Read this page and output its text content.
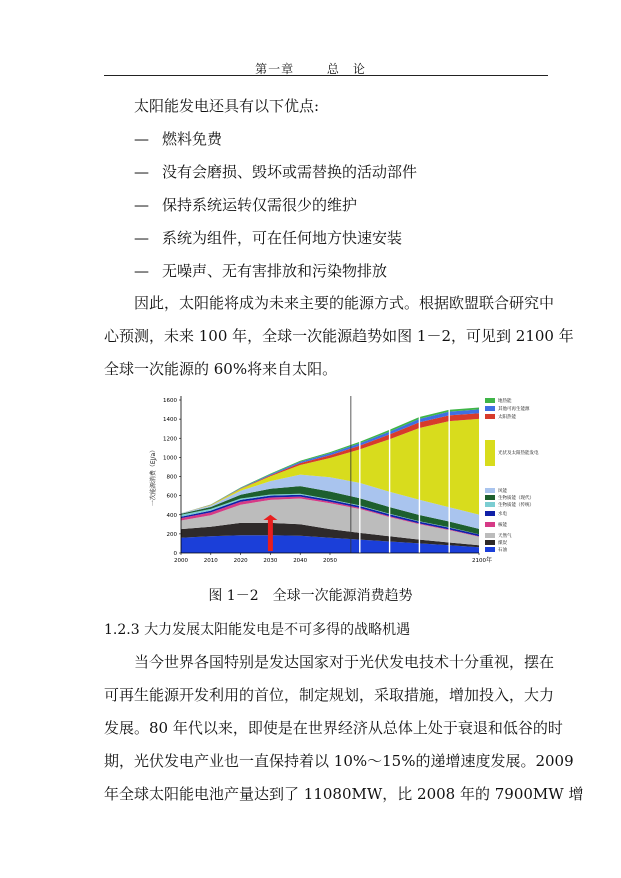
第一章	总　论
太阳能发电还具有以下优点:
— 燃料免费
— 没有会磨损、毁坏或需替换的活动部件
— 保持系统运转仅需很少的维护
— 系统为组件，可在任何地方快速安装
— 无噪声、无有害排放和污染物排放
因此，太阳能将成为未来主要的能源方式。根据欧盟联合研究中
心预测，未来 100 年，全球一次能源趋势如图 1－2，可见到 2100 年
全球一次能源的 60%将来自太阳。
0
200
400
600
800
1000
1200
1400
1600
2000	2010	2020	2030	2040	2050	2100 年
一次能源消费（EJ/a）
石油
煤炭
天然气
核能
水电
生物质能（传统）
生物质能（现代）
风能
光伏及太阳热能发电
太阳热能
其他可再生能源
地热能
图 1－2　全球一次能源消费趋势
1.2.3 大力发展太阳能发电是不可多得的战略机遇
当今世界各国特别是发达国家对于光伏发电技术十分重视，摆在
可再生能源开发利用的首位，制定规划，采取措施，增加投入，大力
发展。80 年代以来，即使是在世界经济从总体上处于衰退和低谷的时
期，光伏发电产业也一直保持着以 10%～15%的递增速度发展。2009
年全球太阳能电池产量达到了 11080MW，比 2008 年的 7900MW 增
